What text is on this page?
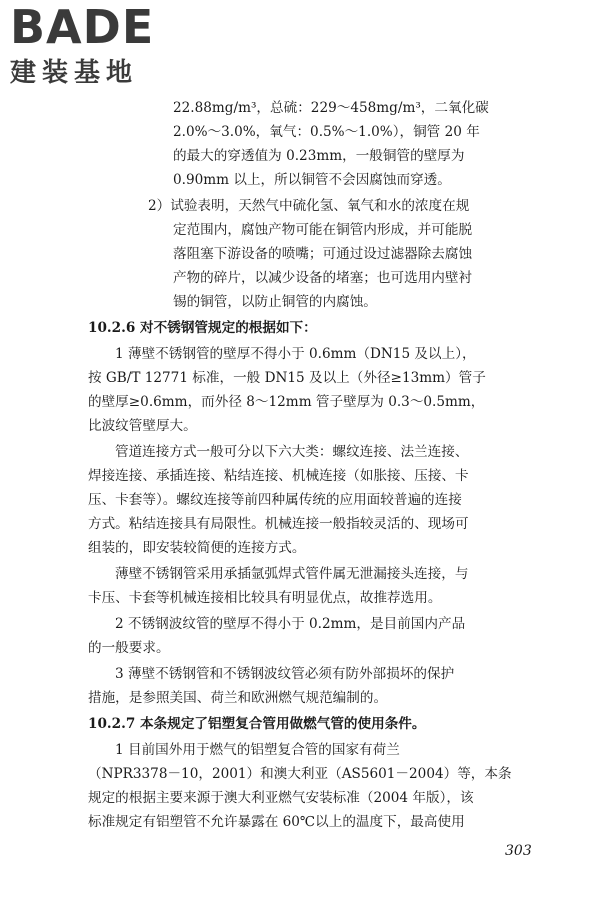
BADE
建装基地
22.88mg/m³，总硫：229～458mg/m³，二氧化碳
2.0%～3.0%，氧气：0.5%～1.0%），铜管 20 年
的最大的穿透值为 0.23mm，一般铜管的壁厚为
0.90mm 以上，所以铜管不会因腐蚀而穿透。
2）试验表明，天然气中硫化氢、氧气和水的浓度在规
定范围内，腐蚀产物可能在铜管内形成，并可能脱
落阻塞下游设备的喷嘴；可通过设过滤器除去腐蚀
产物的碎片，以减少设备的堵塞；也可选用内壁衬
锡的铜管，以防止铜管的内腐蚀。
10.2.6 对不锈钢管规定的根据如下：
1 薄壁不锈钢管的壁厚不得小于 0.6mm（DN15 及以上），
按 GB/T 12771 标准，一般 DN15 及以上（外径≥13mm）管子
的壁厚≥0.6mm，而外径 8～12mm 管子壁厚为 0.3～0.5mm，
比波纹管壁厚大。
管道连接方式一般可分以下六大类：螺纹连接、法兰连接、
焊接连接、承插连接、粘结连接、机械连接（如胀接、压接、卡
压、卡套等）。螺纹连接等前四种属传统的应用面较普遍的连接
方式。粘结连接具有局限性。机械连接一般指较灵活的、现场可
组装的，即安装较简便的连接方式。
薄壁不锈钢管采用承插氩弧焊式管件属无泄漏接头连接，与
卡压、卡套等机械连接相比较具有明显优点，故推荐选用。
2 不锈钢波纹管的壁厚不得小于 0.2mm，是目前国内产品
的一般要求。
3 薄壁不锈钢管和不锈钢波纹管必须有防外部损坏的保护
措施，是参照美国、荷兰和欧洲燃气规范编制的。
10.2.7 本条规定了铝塑复合管用做燃气管的使用条件。
1 目前国外用于燃气的铝塑复合管的国家有荷兰
（NPR3378－10，2001）和澳大利亚（AS5601－2004）等，本条
规定的根据主要来源于澳大利亚燃气安装标准（2004 年版），该
标准规定有铝塑管不允许暴露在 60℃以上的温度下，最高使用
303
